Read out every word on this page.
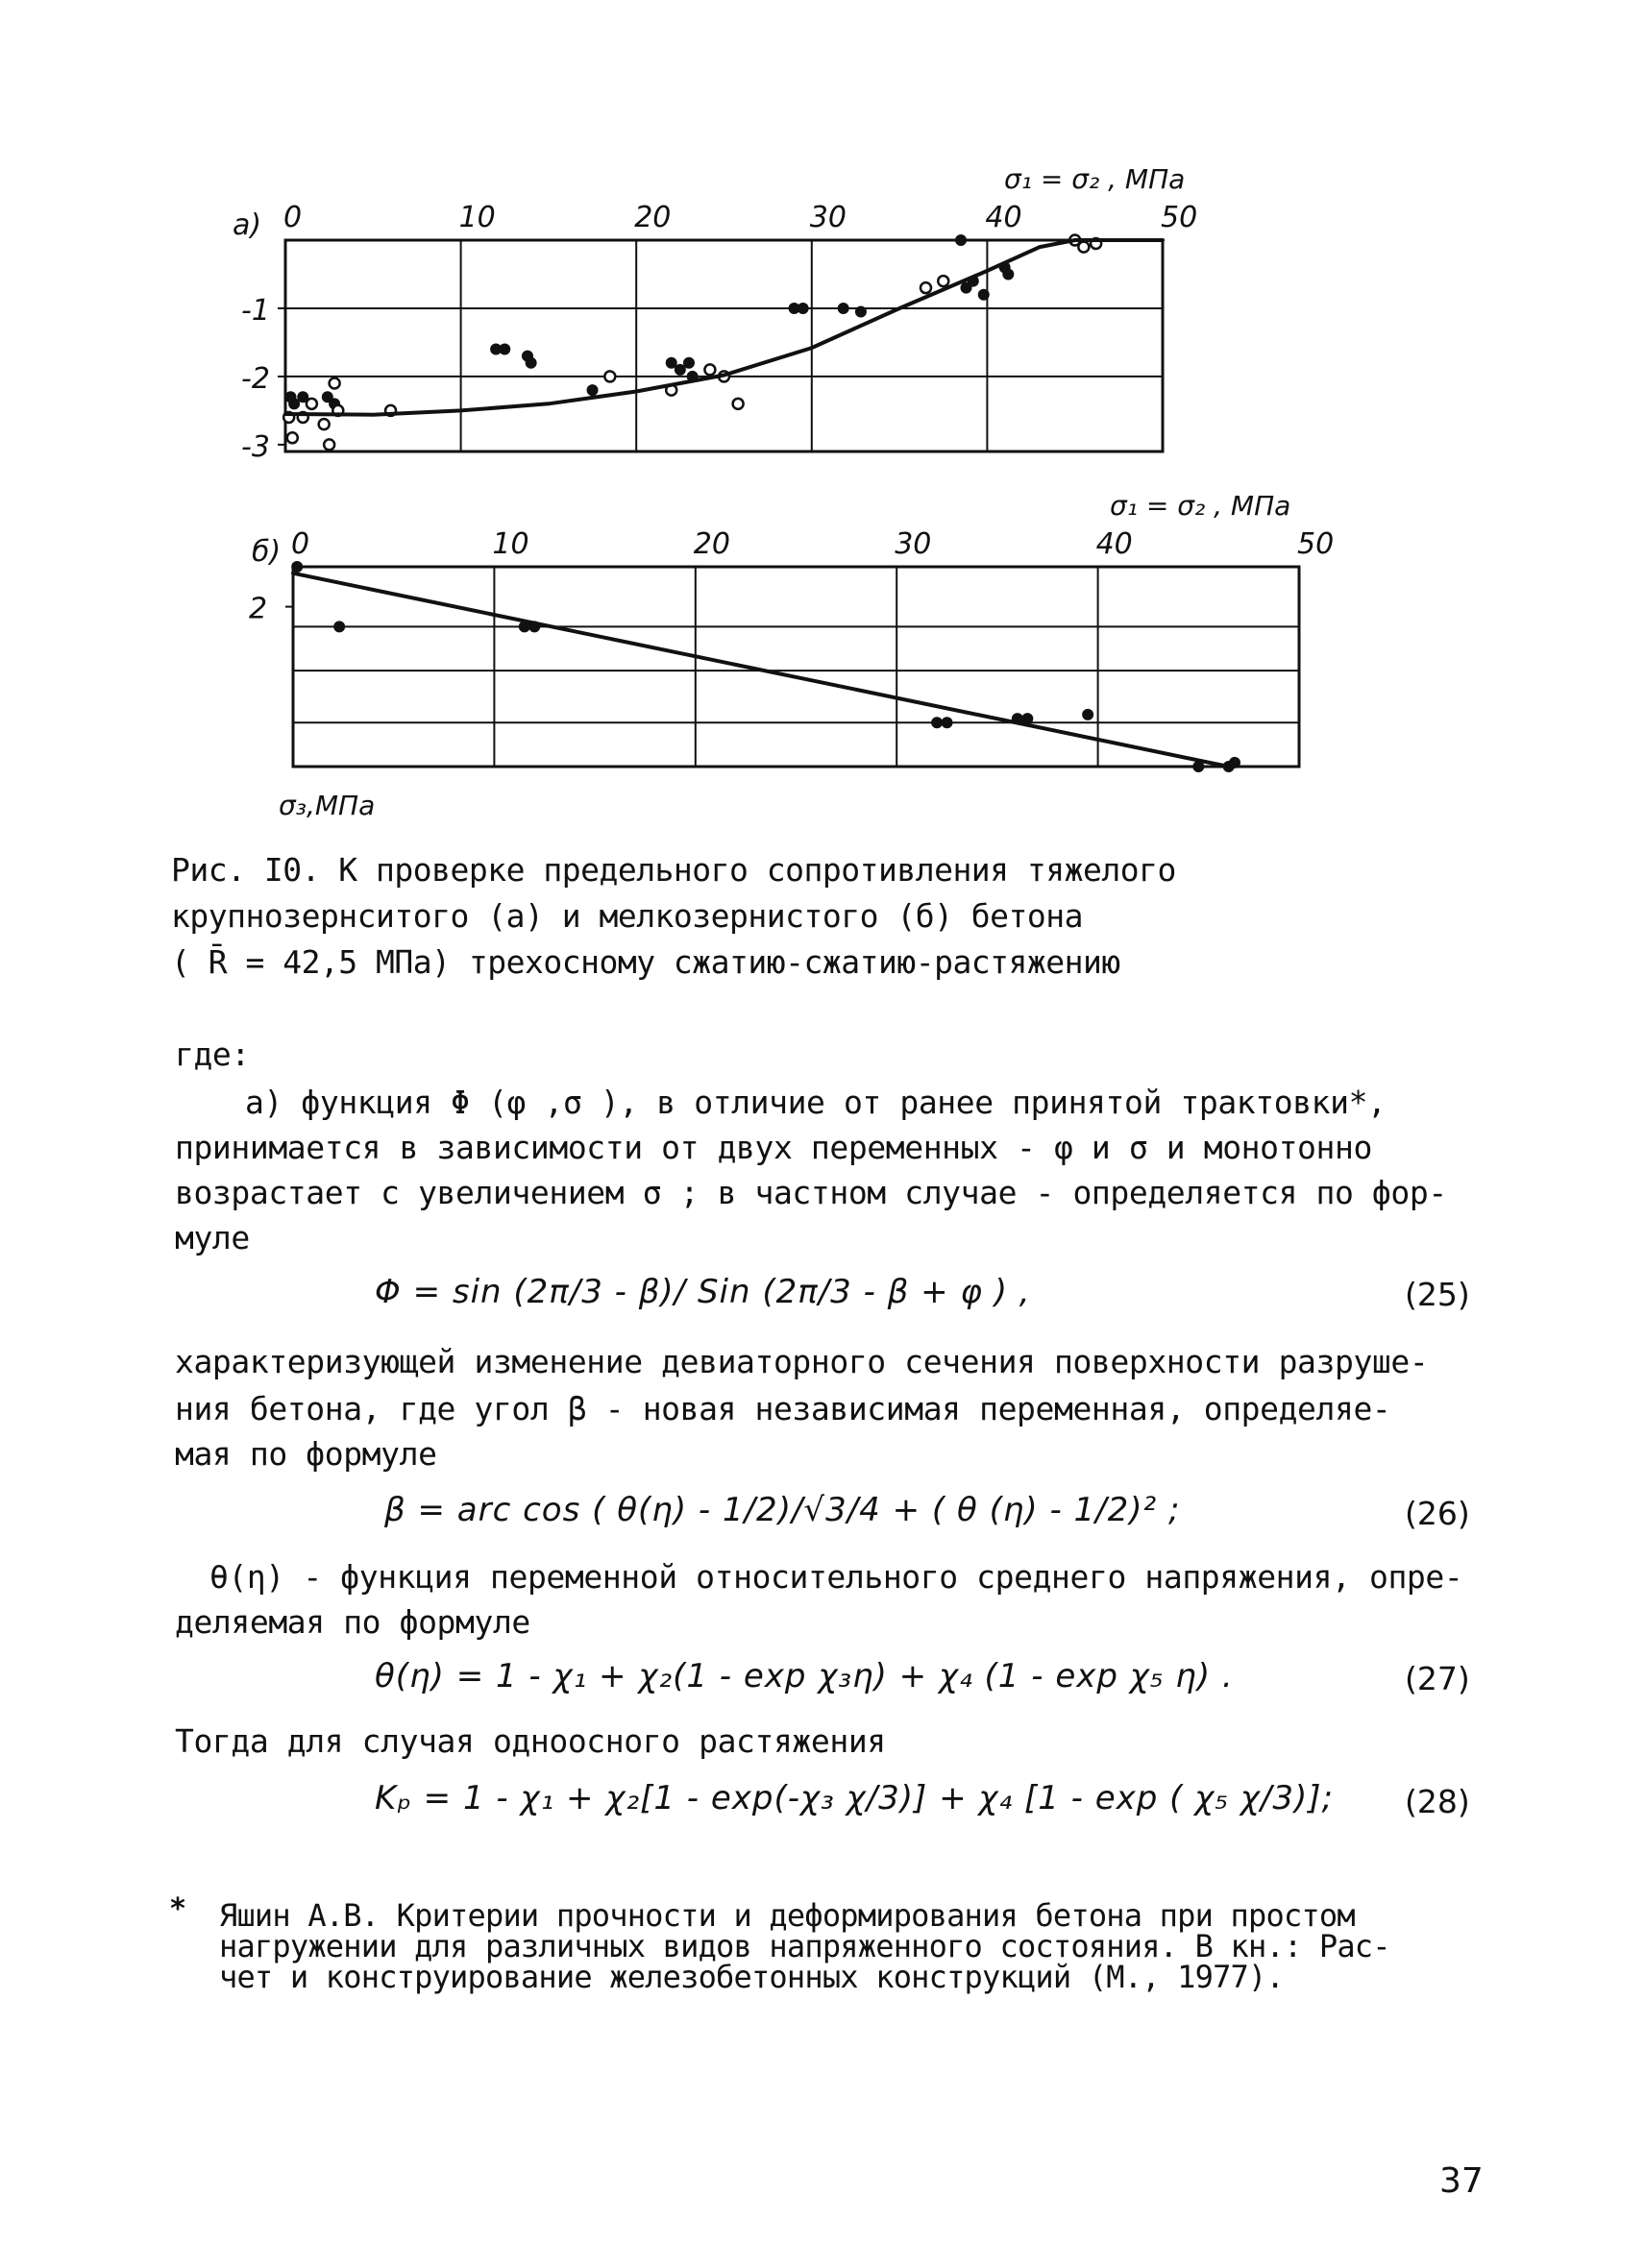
а)
σ₁ = σ₂ , МПа
0	10	20	30	40	50
-1
-2
-3
б)
σ₁ = σ₂ , МПа
σ₃,МПа
0	10	20	30	40	50
2

Рис. I0. К проверке предельного сопротивления тяжелого

крупнозернситого (а) и мелкозернистого (б) бетона

( R̄ = 42,5 МПа) трехосному сжатию-сжатию-растяжению

где:
а) функция Φ (φ ,σ ), в отличие от ранее принятой трактовки*,
принимается в зависимости от двух переменных - φ и σ и монотонно
возрастает с увеличением σ ; в частном случае - определяется по фор-
муле
Φ = sin (2π/3 - β)/ Sin (2π/3 - β + φ ) ,	(25)
характеризующей изменение девиаторного сечения поверхности разруше-
ния бетона, где угол β - новая независимая переменная, определяе-
мая по формуле
β = arc cos ( θ(η) - 1/2)/√3/4 + ( θ (η) - 1/2)² ;	(26)
θ(η) - функция переменной относительного среднего напряжения, опре-
деляемая по формуле
θ(η) = 1 - χ₁ + χ₂(1 - exp χ₃η) + χ₄ (1 - exp χ₅ η) .	(27)
Тогда для случая одноосного растяжения
Kₚ = 1 - χ₁ + χ₂[1 - exp(-χ₃ χ/3)] + χ₄ [1 - exp ( χ₅ χ/3)]; (28)
* Яшин А.В. Критерии прочности и деформирования бетона при простом

нагружении для различных видов напряженного состояния. В кн.: Рас-

чет и конструирование железобетонных конструкций (М., 1977).

37
